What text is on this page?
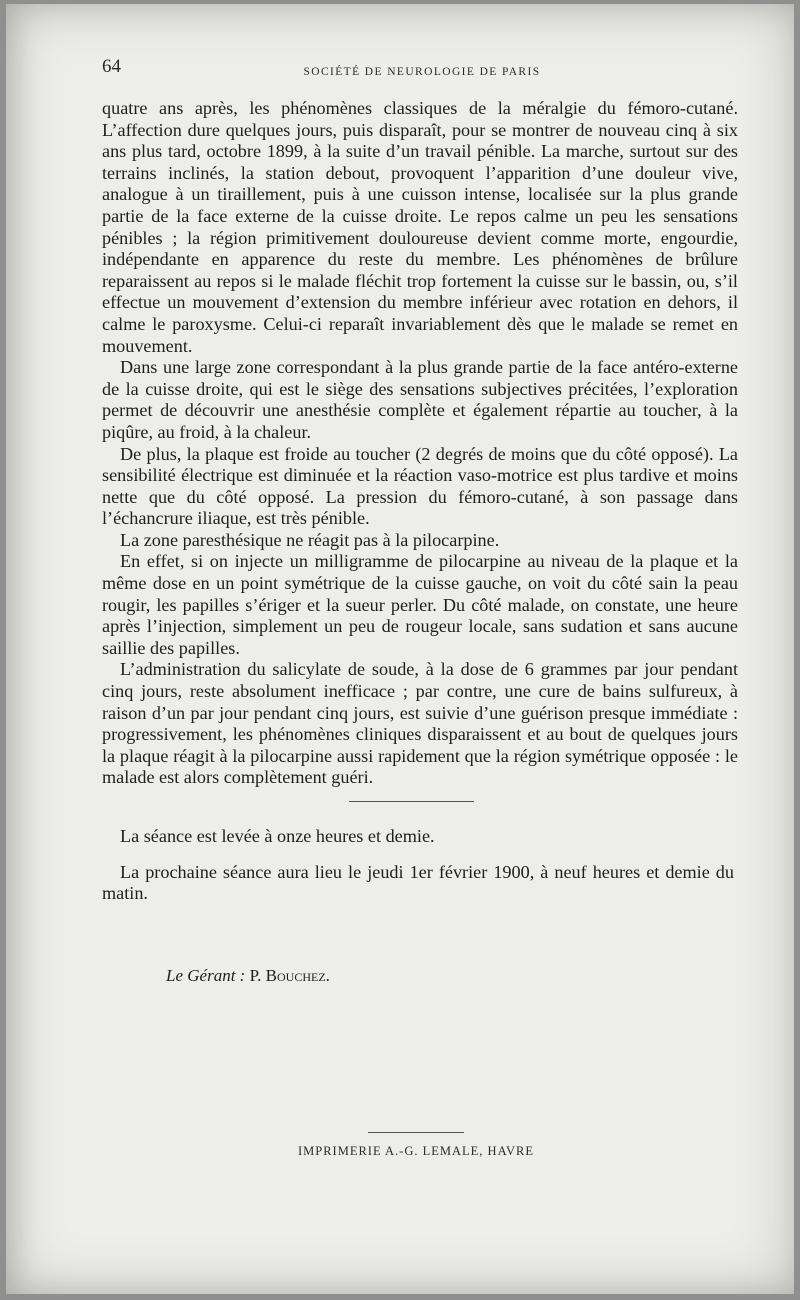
64	SOCIÉTÉ DE NEUROLOGIE DE PARIS

quatre ans après, les phénomènes classiques de la méralgie du fémoro-cutané. L’affection dure quelques jours, puis disparaît, pour se montrer de nouveau cinq à six ans plus tard, octobre 1899, à la suite d’un travail pénible. La marche, surtout sur des terrains inclinés, la station debout, provoquent l’apparition d’une douleur vive, analogue à un tiraillement, puis à une cuisson intense, localisée sur la plus grande partie de la face externe de la cuisse droite. Le repos calme un peu les sensations pénibles ; la région primitivement douloureuse devient comme morte, engourdie, indépendante en apparence du reste du membre. Les phénomènes de brûlure reparaissent au repos si le malade fléchit trop fortement la cuisse sur le bassin, ou, s’il effectue un mouvement d’extension du membre inférieur avec rotation en dehors, il calme le paroxysme. Celui-ci reparaît invariablement dès que le malade se remet en mouvement.

Dans une large zone correspondant à la plus grande partie de la face antéro-externe de la cuisse droite, qui est le siège des sensations subjectives précitées, l’exploration permet de découvrir une anesthésie complète et également répartie au toucher, à la piqûre, au froid, à la chaleur.

De plus, la plaque est froide au toucher (2 degrés de moins que du côté opposé). La sensibilité électrique est diminuée et la réaction vaso-motrice est plus tardive et moins nette que du côté opposé. La pression du fémoro-cutané, à son passage dans l’échancrure iliaque, est très pénible.

La zone paresthésique ne réagit pas à la pilocarpine.

En effet, si on injecte un milligramme de pilocarpine au niveau de la plaque et la même dose en un point symétrique de la cuisse gauche, on voit du côté sain la peau rougir, les papilles s’ériger et la sueur perler. Du côté malade, on constate, une heure après l’injection, simplement un peu de rougeur locale, sans sudation et sans aucune saillie des papilles.

L’administration du salicylate de soude, à la dose de 6 grammes par jour pendant cinq jours, reste absolument inefficace ; par contre, une cure de bains sulfureux, à raison d’un par jour pendant cinq jours, est suivie d’une guérison presque immédiate : progressivement, les phénomènes cliniques disparaissent et au bout de quelques jours la plaque réagit à la pilocarpine aussi rapidement que la région symétrique opposée : le malade est alors complètement guéri.

La séance est levée à onze heures et demie.

La prochaine séance aura lieu le jeudi 1er février 1900, à neuf heures et demie du matin.

Le Gérant : P. Bouchez.
IMPRIMERIE A.-G. LEMALE, HAVRE
